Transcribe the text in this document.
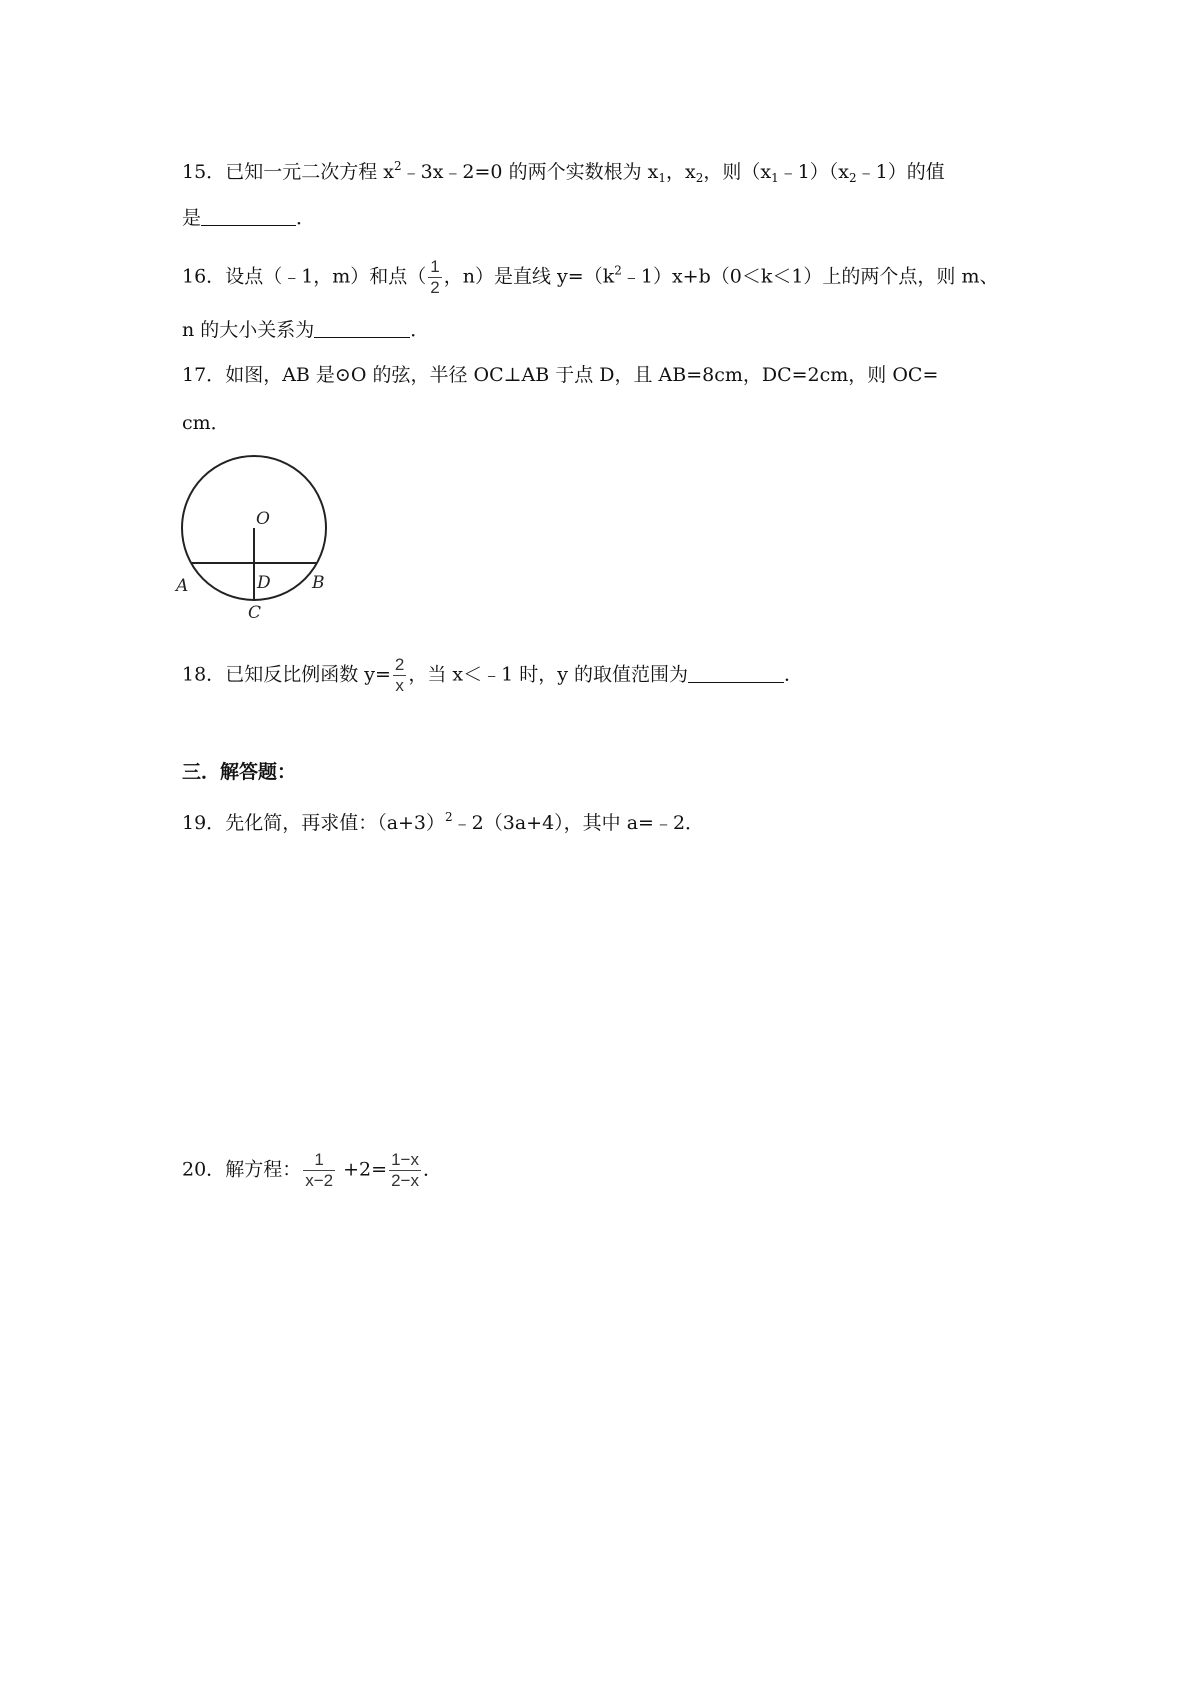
15．已知一元二次方程 $x^2﹣3x﹣2=0$ 的两个实数根为 $x_1$，$x_2$，则$(x_1﹣1)(x_2﹣1)$的值
是	．
16．设点（﹣1，m）和点（ $\frac{1}{2}$ ，n）是直线 $y=(k^2﹣1)x+b(0<k<1)$上的两个点，则 m、
n 的大小关系为	．
17．如图，AB 是⊙O 的弦，半径 OC⊥AB 于点 D，且 AB=8cm，DC=2cm，则 OC=
cm．
O
A	D B
C
18．已知反比例函数 $y= \frac{2}{x}$ ，当 x＜﹣1 时，y 的取值范围为	．
三．解答题：
19．先化简，再求值：$(a+3)^2﹣2(3a+4)$，其中 a=﹣2．
20．解方程： $\frac{1}{x-2} +2= \frac{1-x}{2-x}$ ．
